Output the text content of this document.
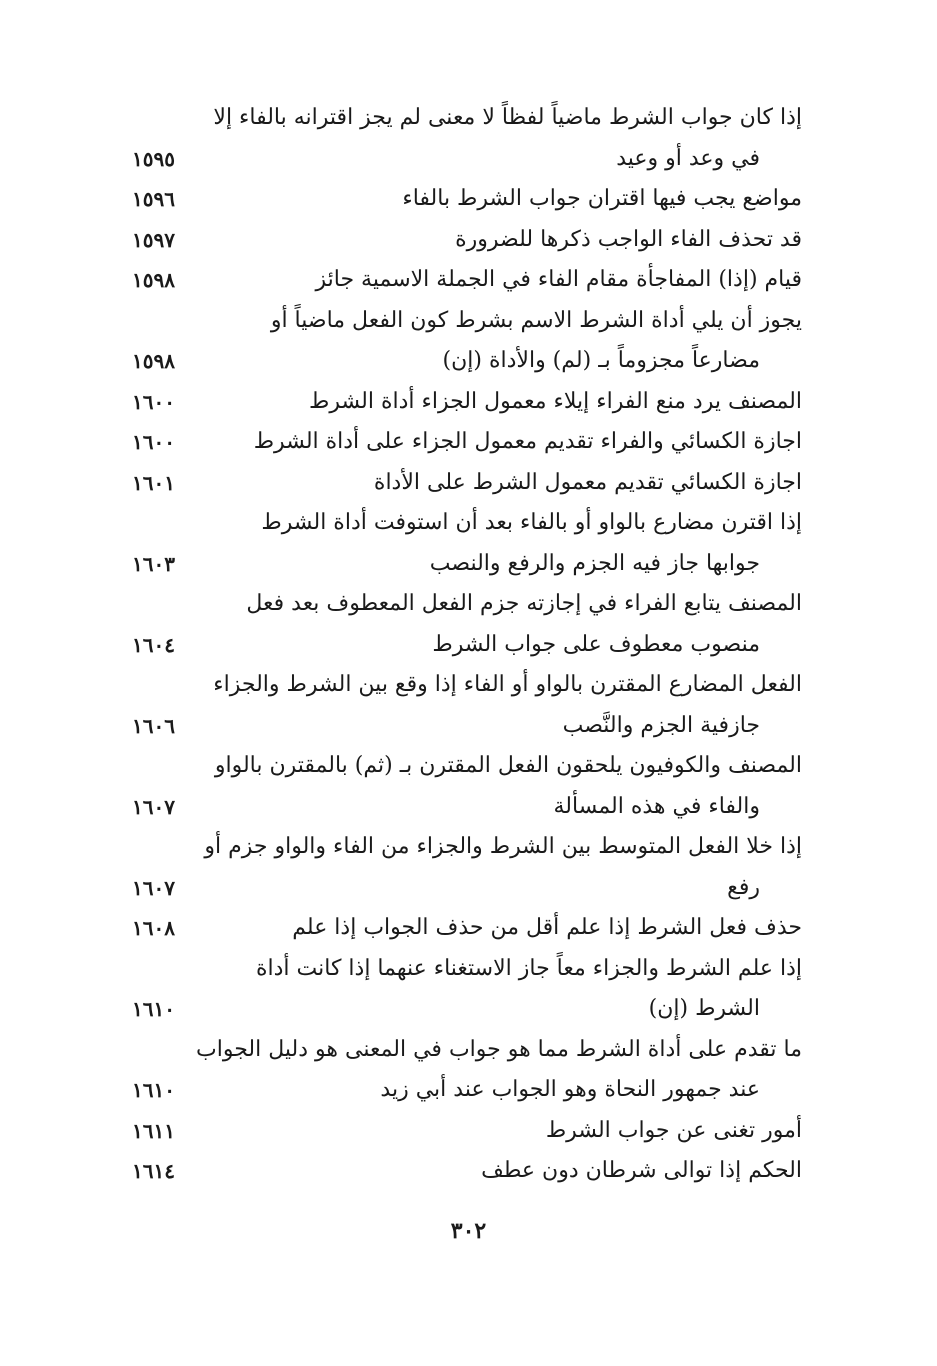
إذا كان جواب الشرط ماضياً لفظاً لا معنى لم يجز اقترانه بالفاء إلا
في وعد أو وعيد
١٥٩٥
مواضع يجب فيها اقتران جواب الشرط بالفاء
١٥٩٦
قد تحذف الفاء الواجب ذكرها للضرورة
١٥٩٧
قيام (إذا) المفاجأة مقام الفاء في الجملة الاسمية جائز
١٥٩٨
يجوز أن يلي أداة الشرط الاسم بشرط كون الفعل ماضياً أو
مضارعاً مجزوماً بـ (لم) والأداة (إن)
١٥٩٨
المصنف يرد منع الفراء إيلاء معمول الجزاء أداة الشرط
١٦٠٠
اجازة الكسائي والفراء تقديم معمول الجزاء على أداة الشرط
١٦٠٠
اجازة الكسائي تقديم معمول الشرط على الأداة
١٦٠١
إذا اقترن مضارع بالواو أو بالفاء بعد أن استوفت أداة الشرط
جوابها جاز فيه الجزم والرفع والنصب
١٦٠٣
المصنف يتابع الفراء في إجازته جزم الفعل المعطوف بعد فعل
منصوب معطوف على جواب الشرط
١٦٠٤
الفعل المضارع المقترن بالواو أو الفاء إذا وقع بين الشرط والجزاء
جازفية الجزم والنَّصب
١٦٠٦
المصنف والكوفيون يلحقون الفعل المقترن بـ (ثم) بالمقترن بالواو
والفاء في هذه المسألة
١٦٠٧
إذا خلا الفعل المتوسط بين الشرط والجزاء من الفاء والواو جزم أو
رفع
١٦٠٧
حذف فعل الشرط إذا علم أقل من حذف الجواب إذا علم
١٦٠٨
إذا علم الشرط والجزاء معاً جاز الاستغناء عنهما إذا كانت أداة
الشرط (إن)
١٦١٠
ما تقدم على أداة الشرط مما هو جواب في المعنى هو دليل الجواب
عند جمهور النحاة وهو الجواب عند أبي زيد
١٦١٠
أمور تغنى عن جواب الشرط
١٦١١
الحكم إذا توالى شرطان دون عطف
١٦١٤
٣٠٢
